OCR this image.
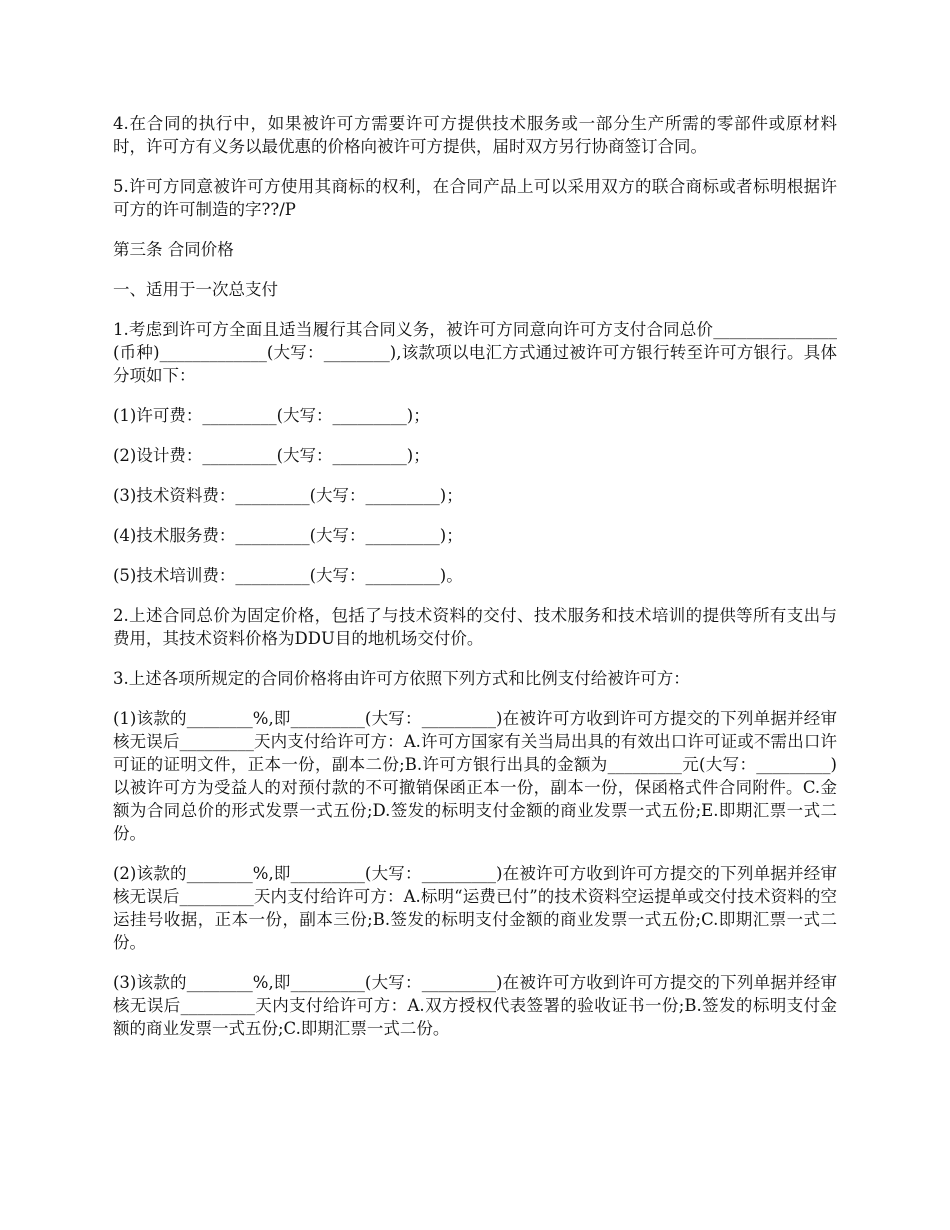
4.在合同的执行中，如果被许可方需要许可方提供技术服务或一部分生产所需的零部件或原材料时，许可方有义务以最优惠的价格向被许可方提供，届时双方另行协商签订合同。

5.许可方同意被许可方使用其商标的权利，在合同产品上可以采用双方的联合商标或者标明根据许可方的许可制造的字??/P

第三条 合同价格

一、适用于一次总支付

1.考虑到许可方全面且适当履行其合同义务，被许可方同意向许可方支付合同总价_______________(币种)_____________(大写：________),该款项以电汇方式通过被许可方银行转至许可方银行。具体分项如下：

(1)许可费：_________(大写：_________)；

(2)设计费：_________(大写：_________)；

(3)技术资料费：_________(大写：_________)；

(4)技术服务费：_________(大写：_________)；

(5)技术培训费：_________(大写：_________)。

2.上述合同总价为固定价格，包括了与技术资料的交付、技术服务和技术培训的提供等所有支出与费用，其技术资料价格为DDU目的地机场交付价。

3.上述各项所规定的合同价格将由许可方依照下列方式和比例支付给被许可方：

(1)该款的________%,即_________(大写：_________)在被许可方收到许可方提交的下列单据并经审核无误后_________天内支付给许可方：A.许可方国家有关当局出具的有效出口许可证或不需出口许可证的证明文件，正本一份，副本二份;B.许可方银行出具的金额为_________元(大写：_________)以被许可方为受益人的对预付款的不可撤销保函正本一份，副本一份，保函格式件合同附件。C.金额为合同总价的形式发票一式五份;D.签发的标明支付金额的商业发票一式五份;E.即期汇票一式二份。

(2)该款的________%,即_________(大写：_________)在被许可方收到许可方提交的下列单据并经审核无误后_________天内支付给许可方：A.标明“运费已付”的技术资料空运提单或交付技术资料的空运挂号收据，正本一份，副本三份;B.签发的标明支付金额的商业发票一式五份;C.即期汇票一式二份。

(3)该款的________%,即_________(大写：_________)在被许可方收到许可方提交的下列单据并经审核无误后_________天内支付给许可方：A.双方授权代表签署的验收证书一份;B.签发的标明支付金额的商业发票一式五份;C.即期汇票一式二份。
